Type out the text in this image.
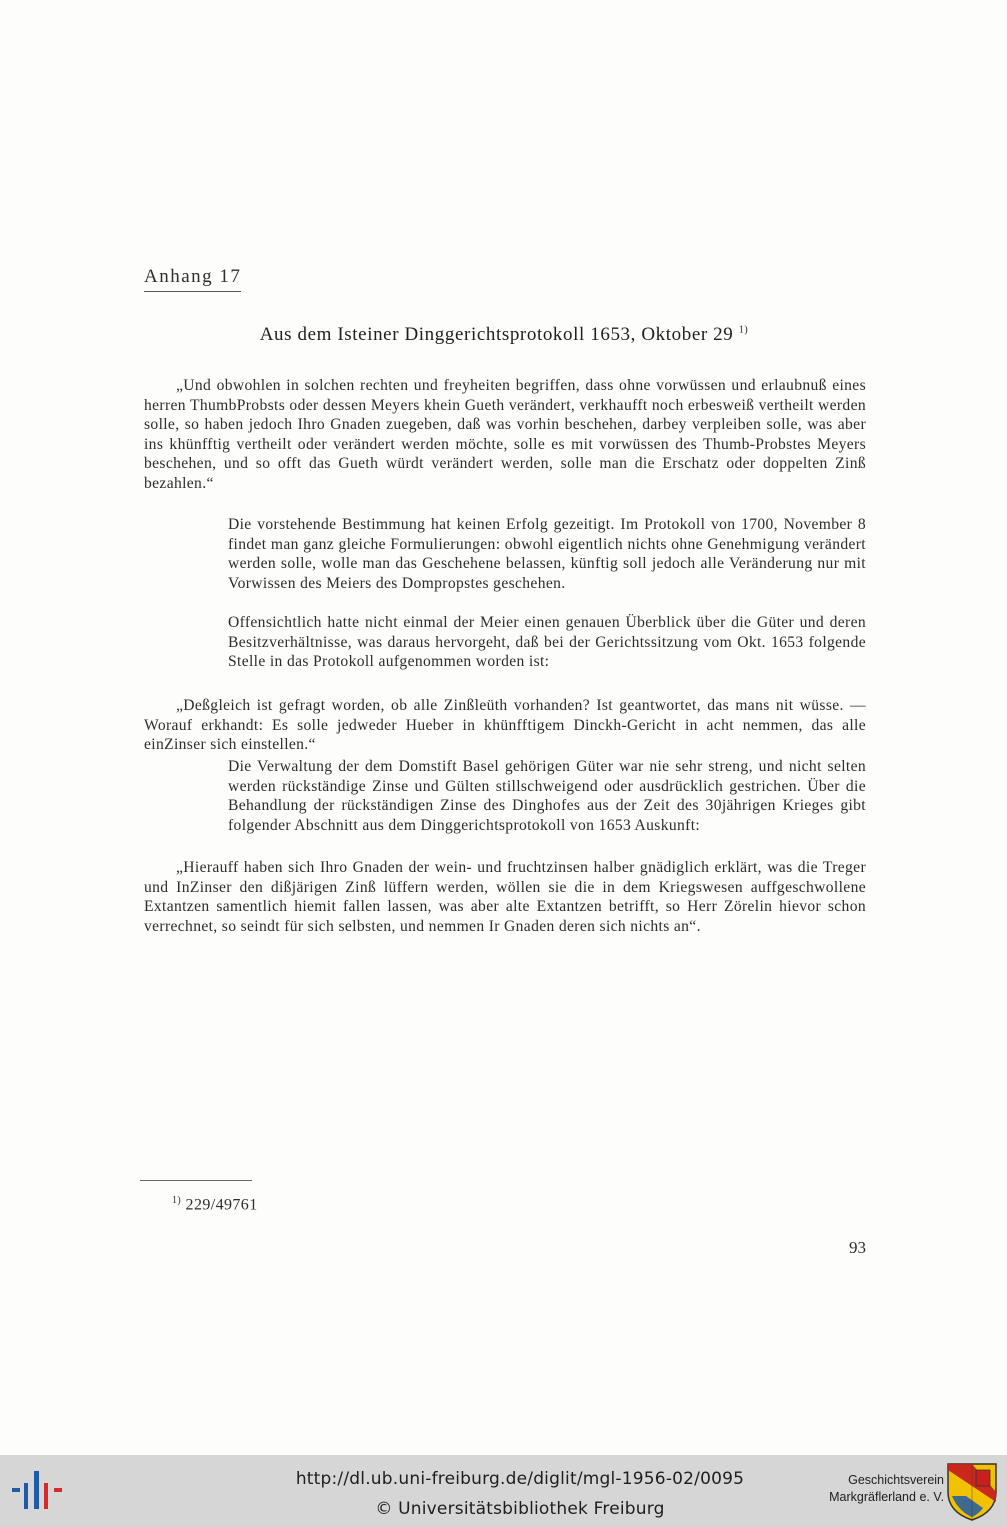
Anhang 17
Aus dem Isteiner Dinggerichtsprotokoll 1653, Oktober 29 $^{1)}$

„Und obwohlen in solchen rechten und freyheiten begriffen, dass ohne vorwüssen und erlaubnuß eines herren ThumbProbsts oder dessen Meyers khein Gueth verändert, verkhaufft noch erbesweiß vertheilt werden solle, so haben jedoch Ihro Gnaden zuegeben, daß was vorhin beschehen, darbey verpleiben solle, was aber ins khünfftig vertheilt oder verändert werden möchte, solle es mit vorwüssen des Thumb-Probstes Meyers beschehen, und so offt das Gueth würdt verändert werden, solle man die Erschatz oder doppelten Zinß bezahlen.“

Die vorstehende Bestimmung hat keinen Erfolg gezeitigt. Im Protokoll von 1700, November 8 findet man ganz gleiche Formulierungen: obwohl eigentlich nichts ohne Genehmigung verändert werden solle, wolle man das Geschehene belassen, künftig soll jedoch alle Veränderung nur mit Vorwissen des Meiers des Dompropstes geschehen.

Offensichtlich hatte nicht einmal der Meier einen genauen Überblick über die Güter und deren Besitzverhältnisse, was daraus hervorgeht, daß bei der Gerichtssitzung vom Okt. 1653 folgende Stelle in das Protokoll aufgenommen worden ist:

„Deßgleich ist gefragt worden, ob alle Zinßleüth vorhanden? Ist geantwortet, das mans nit wüsse. — Worauf erkhandt: Es solle jedweder Hueber in khünfftigem Dinckh-Gericht in acht nemmen, das alle einZinser sich einstellen.“

Die Verwaltung der dem Domstift Basel gehörigen Güter war nie sehr streng, und nicht selten werden rückständige Zinse und Gülten stillschweigend oder ausdrücklich gestrichen. Über die Behandlung der rückständigen Zinse des Dinghofes aus der Zeit des 30jährigen Krieges gibt folgender Abschnitt aus dem Dinggerichtsprotokoll von 1653 Auskunft:

„Hierauff haben sich Ihro Gnaden der wein- und fruchtzinsen halber gnädiglich erklärt, was die Treger und InZinser den dißjärigen Zinß lüffern werden, wöllen sie die in dem Kriegswesen auffgeschwollene Extantzen samentlich hiemit fallen lassen, was aber alte Extantzen betrifft, so Herr Zörelin hievor schon verrechnet, so seindt für sich selbsten, und nemmen Ir Gnaden deren sich nichts an“.

$^{1)}$ 229/49761
93
http://dl.ub.uni-freiburg.de/diglit/mgl-1956-02/0095
© Universitätsbibliothek Freiburg
Geschichtsverein
Markgräflerland e. V.
